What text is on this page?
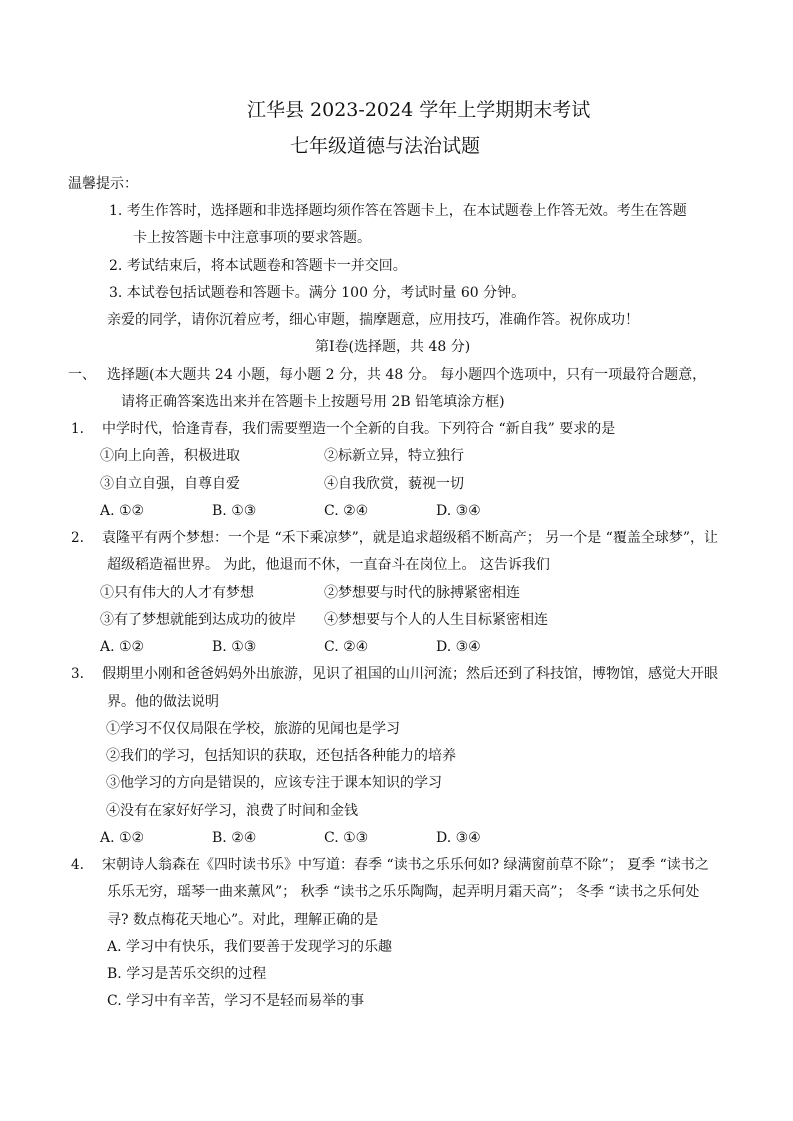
江华县 2023-2024 学年上学期期末考试
七年级道德与法治试题
温馨提示：
1. 考生作答时，选择题和非选择题均须作答在答题卡上，在本试题卷上作答无效。考生在答题
卡上按答题卡中注意事项的要求答题。
2. 考试结束后，将本试题卷和答题卡一并交回。
3. 本试卷包括试题卷和答题卡。满分 100 分，考试时量 60 分钟。
亲爱的同学，请你沉着应考，细心审题，揣摩题意，应用技巧，准确作答。祝你成功！
第Ⅰ卷(选择题，共 48 分)
一、 选择题(本大题共 24 小题，每小题 2 分，共 48 分。 每小题四个选项中，只有一项最符合题意，
请将正确答案选出来并在答题卡上按题号用 2B 铅笔填涂方框)
1. 中学时代，恰逢青春，我们需要塑造一个全新的自我。下列符合 “新自我” 要求的是
①向上向善，积极进取	②标新立异，特立独行
③自立自强，自尊自爱	④自我欣赏，藐视一切
A. ①②	B. ①③	C. ②④	D. ③④
2. 袁隆平有两个梦想：一个是 “禾下乘凉梦”，就是追求超级稻不断高产； 另一个是 “覆盖全球梦”，让
超级稻造福世界。 为此，他退而不休，一直奋斗在岗位上。 这告诉我们
①只有伟大的人才有梦想	②梦想要与时代的脉搏紧密相连
③有了梦想就能到达成功的彼岸 ④梦想要与个人的人生目标紧密相连
A. ①②	B. ①③	C. ②④	D. ③④
3. 假期里小刚和爸爸妈妈外出旅游，见识了祖国的山川河流；然后还到了科技馆，博物馆，感觉大开眼
界。他的做法说明
①学习不仅仅局限在学校，旅游的见闻也是学习
②我们的学习，包括知识的获取，还包括各种能力的培养
③他学习的方向是错误的，应该专注于课本知识的学习
④没有在家好好学习，浪费了时间和金钱
A. ①②	B. ②④	C. ①③	D. ③④
4. 宋朝诗人翁森在《四时读书乐》中写道：春季 “读书之乐乐何如? 绿满窗前草不除”； 夏季 “读书之
乐乐无穷，瑶琴一曲来薰风”； 秋季 “读书之乐乐陶陶，起弄明月霜天高”； 冬季 “读书之乐何处
寻? 数点梅花天地心”。对此，理解正确的是
A. 学习中有快乐，我们要善于发现学习的乐趣
B. 学习是苦乐交织的过程
C. 学习中有辛苦，学习不是轻而易举的事
